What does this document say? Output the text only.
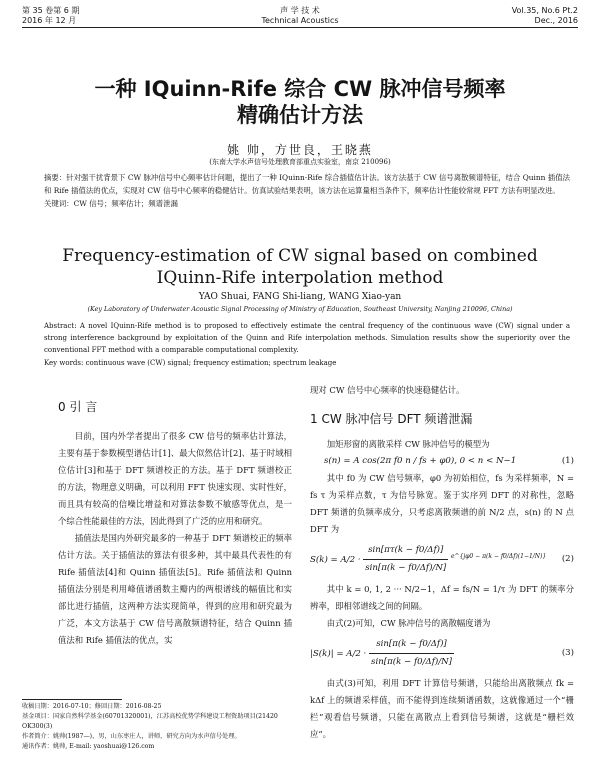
第 35 卷第 6 期
2016 年 12 月
声 学 技 术
Technical Acoustics
Vol.35, No.6 Pt.2
Dec., 2016
一种 IQuinn-Rife 综合 CW 脉冲信号频率
精确估计方法
姚 帅，方世良，王晓燕
(东南大学水声信号处理教育部重点实验室，南京 210096)
摘要：针对强干扰背景下 CW 脉冲信号中心频率估计问题，提出了一种 IQuinn-Rife 综合插值估计法。该方法基于 CW 信号离散频谱特征，结合 Quinn 插值法和 Rife 插值法的优点，实现对 CW 信号中心频率的稳健估计。仿真试验结果表明，该方法在运算量相当条件下，频率估计性能较常规 FFT 方法有明显改进。
关键词：CW 信号；频率估计；频谱泄漏
Frequency-estimation of CW signal based on combined
IQuinn-Rife interpolation method
YAO Shuai, FANG Shi-liang, WANG Xiao-yan
(Key Laboratory of Underwater Acoustic Signal Processing of Ministry of Education, Southeast University, Nanjing 210096, China)
Abstract: A novel IQuinn-Rife method is to proposed to effectively estimate the central frequency of the continuous wave (CW) signal under a strong interference background by exploitation of the Quinn and Rife interpolation methods. Simulation results show the superiority over the conventional FFT method with a comparable computational complexity.
Key words: continuous wave (CW) signal; frequency estimation; spectrum leakage
0 引 言

目前，国内外学者提出了很多 CW 信号的频率估计算法，主要有基于参数模型谱估计[1]、最大似然估计[2]、基于时域相位估计[3]和基于 DFT 频谱校正的方法。基于 DFT 频谱校正的方法，物理意义明确，可以利用 FFT 快速实现、实时性好，而且具有较高的信噪比增益和对算法参数不敏感等优点，是一个综合性能最佳的方法，因此得到了广泛的应用和研究。

插值法是国内外研究最多的一种基于 DFT 频谱校正的频率估计方法。关于插值法的算法有很多种，其中最具代表性的有 Rife 插值法[4]和 Quinn 插值法[5]。Rife 插值法和 Quinn 插值法分别是利用峰值谱函数主瓣内的两根谱线的幅值比和实部比进行插值，这两种方法实现简单，得到的应用和研究最为广泛，本文方法基于 CW 信号离散频谱特征，结合 Quinn 插值法和 Rife 插值法的优点，实

收稿日期：2016-07-10；修回日期：2016-08-25
基金项目：国家自然科学基金(60701320001)，江苏高校优势学科建设工程资助项目(21420 OK300(3)
作者简介：姚帅(1987—)，男，山东枣庄人，讲师，研究方向为水声信号处理。
通讯作者：姚帅, E-mail: yaoshuai@126.com
现对 CW 信号中心频率的快速稳健估计。
1 CW 脉冲信号 DFT 频谱泄漏

加矩形窗的离散采样 CW 脉冲信号的模型为

s(n) = A cos(2π f0 n / fs + φ0), 0 < n < N−1	(1)

其中 f0 为 CW 信号频率，φ0 为初始相位，fs 为采样频率，N = fs τ 为采样点数，τ 为信号脉宽。鉴于实序列 DFT 的对称性，忽略 DFT 频谱的负频率成分，只考虑离散频谱的前 N/2 点，s(n) 的 N 点 DFT 为

$S(k) = A/2 \cdot \frac{\sin[\pi\tau(k - f0/\Delta f)]}{\sin[\pi(k - f0/\Delta f)/N]} ^{e\^{}\{j\varphi 0 - \pi(k - f0/\Delta f)(1-1/N)\}}$ (2)

其中 k = 0, 1, 2 ··· N/2−1，Δf = fs/N = 1/τ 为 DFT 的频率分辨率，即相邻谱线之间的间隔。

由式(2)可知，CW 脉冲信号的离散幅度谱为

$|S(k)| = A/2 \cdot \frac{\sin[\pi(k - f0/\Delta f)]}{\sin[\pi(k - f0/\Delta f)/N]}$	(3)

由式(3)可知，利用 DFT 计算信号频谱，只能给出离散频点 fk = kΔf 上的频谱采样值，而不能得到连续频谱函数，这就像通过一个“栅栏”观看信号频谱，只能在离散点上看到信号频谱，这就是“栅栏效应”。
